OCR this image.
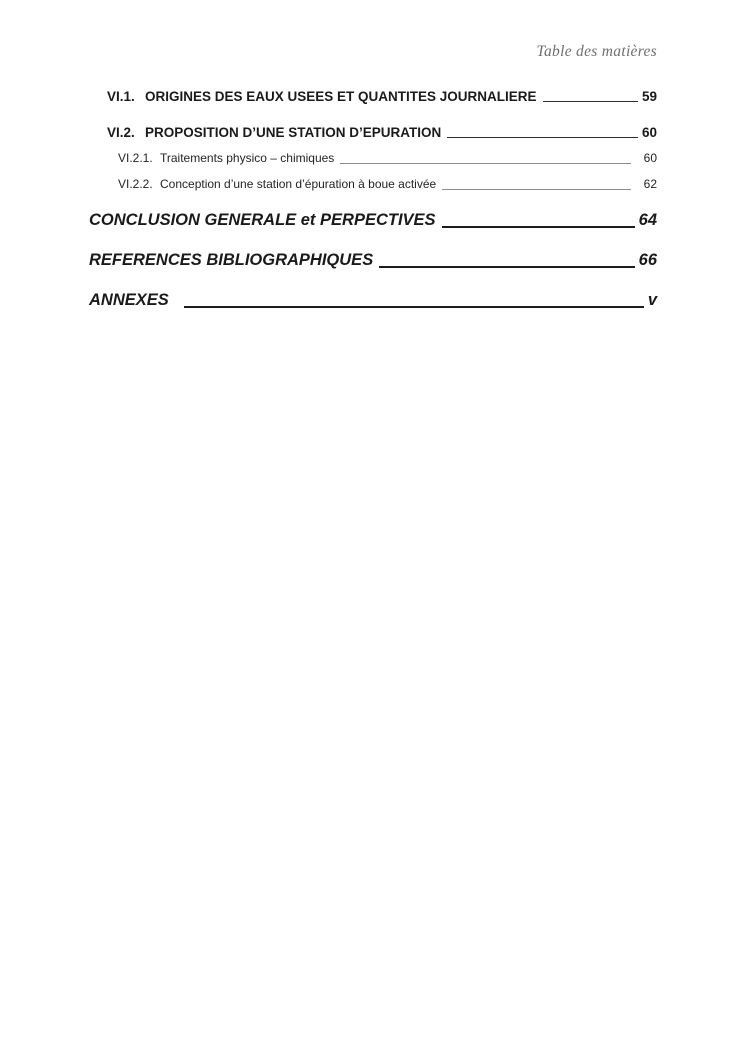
Table des matières
VI.1. ORIGINES DES EAUX USEES ET QUANTITES JOURNALIERE	59
VI.2. PROPOSITION D’UNE STATION D’EPURATION	60
VI.2.1. Traitements physico – chimiques	60
VI.2.2. Conception d’une station d’épuration à boue activée	62
CONCLUSION GENERALE et PERPECTIVES	64
REFERENCES BIBLIOGRAPHIQUES	66
ANNEXES	v
